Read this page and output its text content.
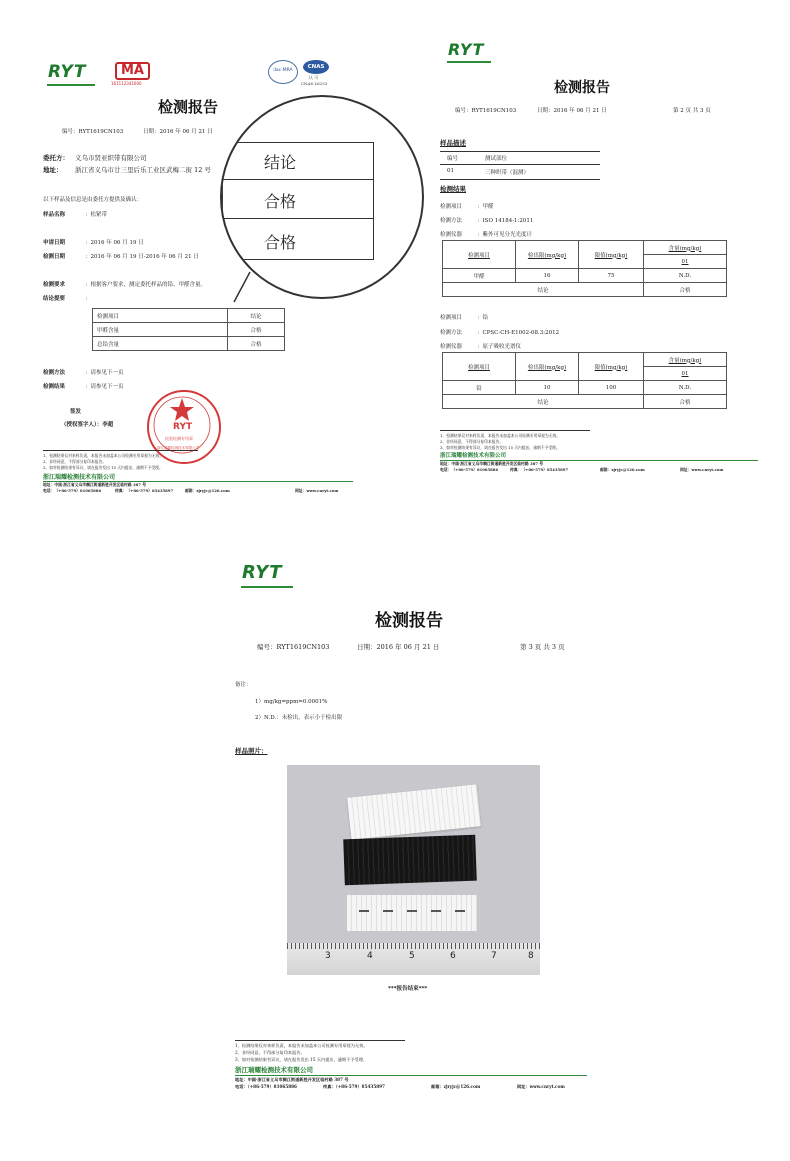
RYT	MA
161112341600
ilac-MRA
CNAS
认 可
CNAS L6253
检测报告
编号：RYT1619CN103	日期：2016 年 06 月 21 日
委托方： 义乌市贤亚织带有限公司
地址： 浙江省义乌市廿三里后乐工业区武梅二街 12 号
以下样品及信息是由委托方提供及确认：
样品名称	：松紧带
申请日期	：2016 年 06 月 19 日
检测日期	：2016 年 06 月 19 日-2016 年 06 月 21 日
检测要求	：根据客户要求，测定委托样品的铅、甲醛含量。
结论提要	：
检测项目	结论
甲醛含量	合格
总铅含量	合格
检测方法	：请参见下一页
检测结果	：请参见下一页
签发
（授权签字人）：李超	RYT
检验检测专用章
浙江瑞耀检测技术有限公司
1、检测结果仅对来样负责，本报告未加盖本公司检测专用章视为无效。
2、非经同意，不得部分复印本报告。
3、如对检测结果有异议，请在报告发出 15 天内提出，逾期不予受理。
浙江瑞耀检测技术有限公司
地址：中国·浙江省义乌市稠江街道新胜开发区临村路 387 号
电话：（+86-579）81065886	传真：（+86-579）85435897	邮箱：zjryjc@126.com	网址：www.cnryt.com
结论
合格
合格
RYT
检测报告
编号：RYT1619CN103	日期：2016 年 06 月 21 日	第 2 页 共 3 页
样品描述
编号	测试部位
01	三种织带（混测）
检测结果
检测项目	：甲醛
检测方法	：ISO 14184-1:2011
检测仪器	：紫外可见分光光度计
检测项目	检出限(mg/kg)	限值(mg/kg)	含量(mg/kg)
			01
甲醛	16	75	N.D.
结论			合格
检测项目	：铅
检测方法	：CPSC-CH-E1002-08.3:2012
检测仪器	：原子吸收光谱仪
检测项目	检出限(mg/kg)	限值(mg/kg)	含量(mg/kg)
			01
铅	10	100	N.D.
结论			合格
1、检测结果仅对来样负责，本报告未加盖本公司检测专用章视为无效。
2、非经同意，不得部分复印本报告。
3、如对检测结果有异议，请在报告发出 15 天内提出，逾期不予受理。
浙江瑞耀检测技术有限公司
地址：中国·浙江省义乌市稠江街道新胜开发区临村路 387 号
电话：（+86-579）81065886	传真：（+86-579）85435897	邮箱：zjryjc@126.com	网址：www.cnryt.com
RYT
检测报告
编号：RYT1619CN103	日期：2016 年 06 月 21 日	第 3 页 共 3 页
备注：
1）mg/kg=ppm=0.0001%
2）N.D.：未检出，表示小于检出限
样品照片：
3	4	5	6	7	8
***报告结束***
1、检测结果仅对来样负责，本报告未加盖本公司检测专用章视为无效。
2、非经同意，不得部分复印本报告。
3、如对检测结果有异议，请在报告发出 15 天内提出，逾期不予受理。
浙江瑞耀检测技术有限公司
地址：中国·浙江省义乌市稠江街道新胜开发区临村路 387 号
电话：（+86-579）81065886	传真：（+86-579）85435897	邮箱：zjryjc@126.com	网址：www.cnryt.com
